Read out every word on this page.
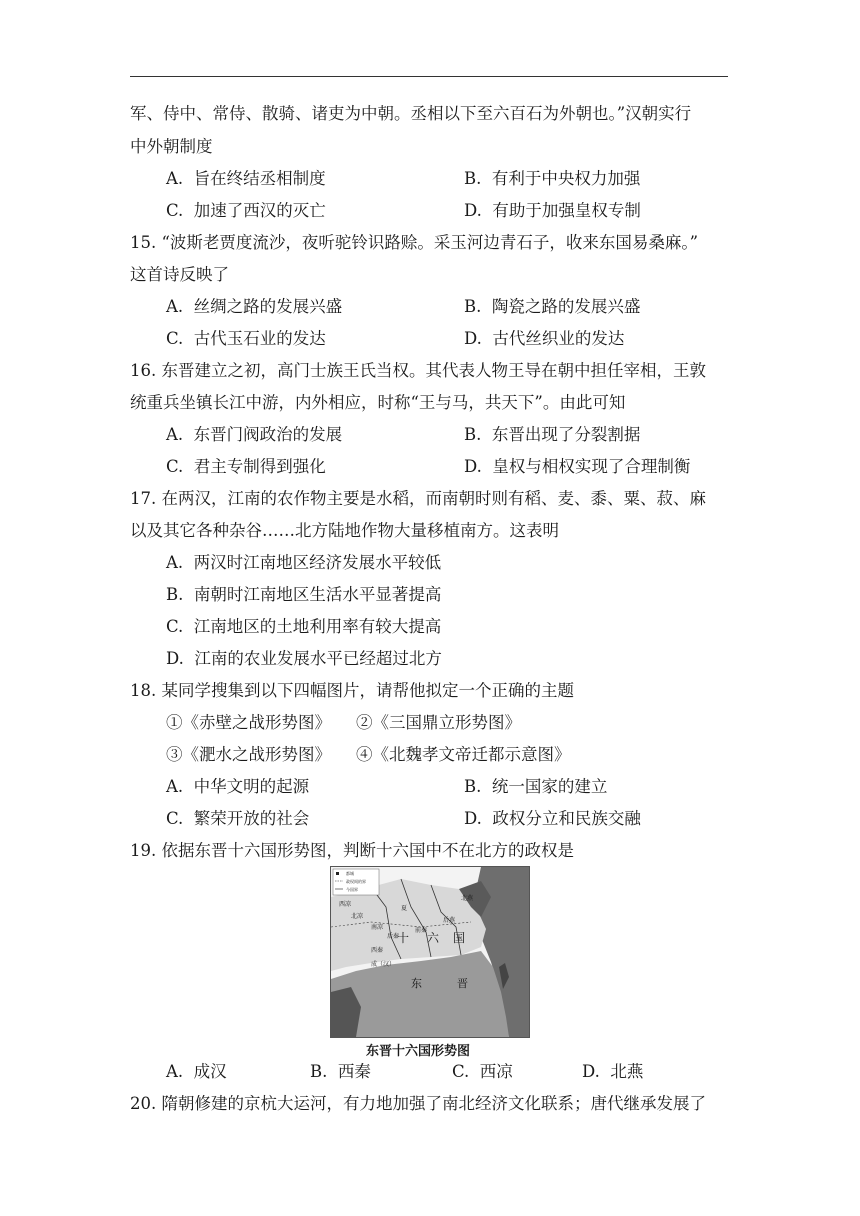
军、侍中、常侍、散骑、诸吏为中朝。丞相以下至六百石为外朝也。”汉朝实行
中外朝制度
A. 旨在终结丞相制度	B. 有利于中央权力加强
C. 加速了西汉的灭亡	D. 有助于加强皇权专制
15. “波斯老贾度流沙，夜听驼铃识路赊。采玉河边青石子，收来东国易桑麻。”
这首诗反映了
A. 丝绸之路的发展兴盛	B. 陶瓷之路的发展兴盛
C. 古代玉石业的发达	D. 古代丝织业的发达
16. 东晋建立之初，高门士族王氏当权。其代表人物王导在朝中担任宰相，王敦
统重兵坐镇长江中游，内外相应，时称“王与马，共天下”。由此可知
A. 东晋门阀政治的发展	B. 东晋出现了分裂割据
C. 君主专制得到强化	D. 皇权与相权实现了合理制衡
17. 在两汉，江南的农作物主要是水稻，而南朝时则有稻、麦、黍、粟、菽、麻
以及其它各种杂谷……北方陆地作物大量移植南方。这表明
A. 两汉时江南地区经济发展水平较低
B. 南朝时江南地区生活水平显著提高
C. 江南地区的土地利用率有较大提高
D. 江南的农业发展水平已经超过北方
18. 某同学搜集到以下四幅图片，请帮他拟定一个正确的主题
①《赤壁之战形势图》 ②《三国鼎立形势图》
③《淝水之战形势图》 ④《北魏孝文帝迁都示意图》
A. 中华文明的起源	B. 统一国家的建立
C. 繁荣开放的社会	D. 政权分立和民族交融
19. 依据东晋十六国形势图，判断十六国中不在北方的政权是
都城
政权间的界
今国界
西凉
北凉
南凉
夏
北燕
后燕
后秦
西秦
前秦
十 六 国
成（汉）
东	晋
东晋十六国形势图
A. 成汉	B. 西秦	C. 西凉	D. 北燕
20. 隋朝修建的京杭大运河，有力地加强了南北经济文化联系；唐代继承发展了
